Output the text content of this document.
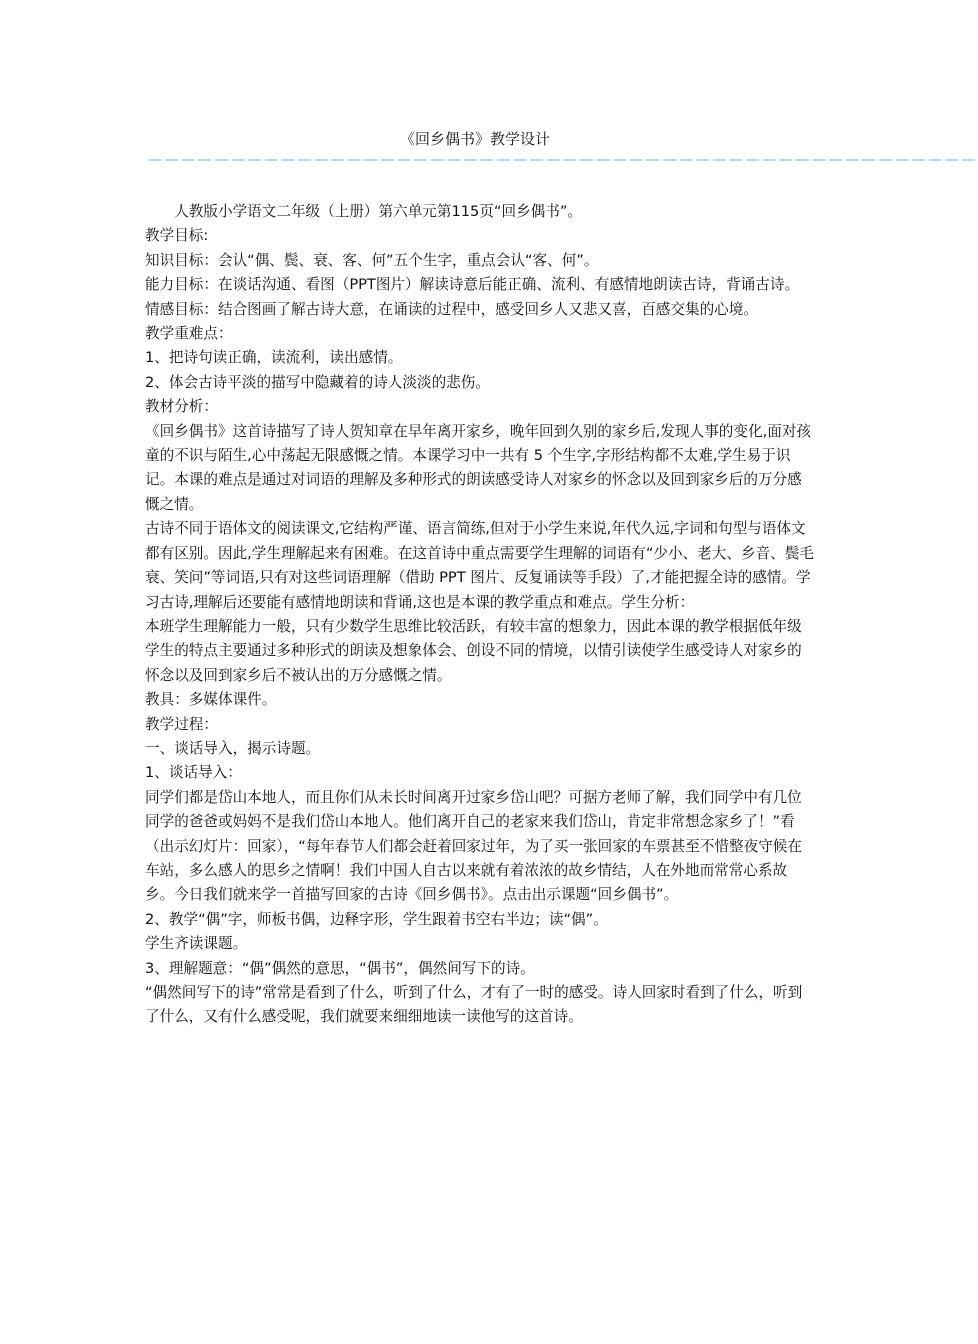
《回乡偶书》教学设计
——————————————————————————————————————————————————

人教版小学语文二年级（上册）第六单元第115页“回乡偶书”。

教学目标:

知识目标：会认“偶、鬓、衰、客、何”五个生字，重点会认“客、何”。

能力目标：在谈话沟通、看图（PPT图片）解读诗意后能正确、流利、有感情地朗读古诗，背诵古诗。

情感目标：结合图画了解古诗大意，在诵读的过程中，感受回乡人又悲又喜，百感交集的心境。

教学重难点：

1、把诗句读正确，读流利，读出感情。

2、体会古诗平淡的描写中隐藏着的诗人淡淡的悲伤。

教材分析：

《回乡偶书》这首诗描写了诗人贺知章在早年离开家乡，晚年回到久别的家乡后,发现人事的变化,面对孩童的不识与陌生,心中荡起无限感慨之情。本课学习中一共有 5 个生字,字形结构都不太难,学生易于识记。本课的难点是通过对词语的理解及多种形式的朗读感受诗人对家乡的怀念以及回到家乡后的万分感慨之情。

古诗不同于语体文的阅读课文,它结构严谨、语言简练,但对于小学生来说,年代久远,字词和句型与语体文都有区别。因此,学生理解起来有困难。在这首诗中重点需要学生理解的词语有“少小、老大、乡音、鬓毛衰、笑问”等词语,只有对这些词语理解（借助 PPT 图片、反复诵读等手段）了,才能把握全诗的感情。学习古诗,理解后还要能有感情地朗读和背诵,这也是本课的教学重点和难点。学生分析：

本班学生理解能力一般，只有少数学生思维比较活跃，有较丰富的想象力，因此本课的教学根据低年级学生的特点主要通过多种形式的朗读及想象体会、创设不同的情境，以情引读使学生感受诗人对家乡的怀念以及回到家乡后不被认出的万分感慨之情。

教具：多媒体课件。

教学过程：

一、谈话导入，揭示诗题。

1、谈话导入：

同学们都是岱山本地人，而且你们从未长时间离开过家乡岱山吧？可据方老师了解，我们同学中有几位同学的爸爸或妈妈不是我们岱山本地人。他们离开自己的老家来我们岱山，肯定非常想念家乡了！”看（出示幻灯片：回家），“每年春节人们都会赶着回家过年，为了买一张回家的车票甚至不惜整夜守候在车站，多么感人的思乡之情啊！我们中国人自古以来就有着浓浓的故乡情结，人在外地而常常心系故乡。今日我们就来学一首描写回家的古诗《回乡偶书》。点击出示课题“回乡偶书”。

2、教学“偶”字，师板书偶，边释字形，学生跟着书空右半边；读“偶”。

学生齐读课题。

3、理解题意：“偶”偶然的意思，“偶书”，偶然间写下的诗。

“偶然间写下的诗”常常是看到了什么，听到了什么，才有了一时的感受。诗人回家时看到了什么，听到了什么，又有什么感受呢，我们就要来细细地读一读他写的这首诗。
